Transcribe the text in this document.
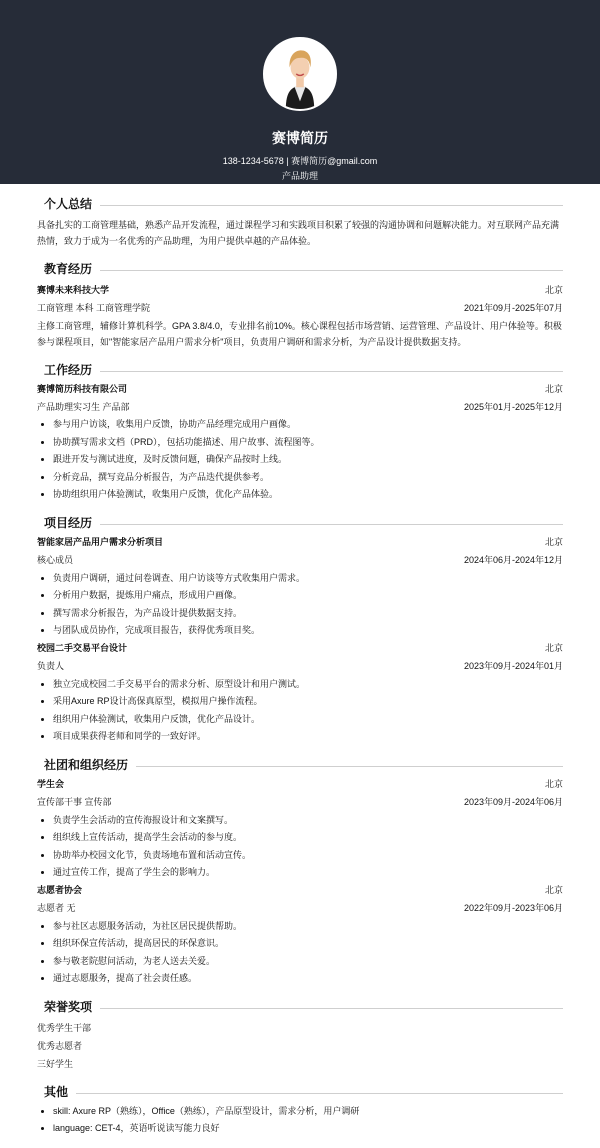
赛博简历
138-1234-5678 | 赛博简历@gmail.com
产品助理
个人总结
具备扎实的工商管理基础，熟悉产品开发流程，通过课程学习和实践项目积累了较强的沟通协调和问题解决能力。对互联网产品充满热情，致力于成为一名优秀的产品助理，为用户提供卓越的产品体验。
教育经历
赛博未来科技大学	北京
工商管理 本科 工商管理学院	2021年09月-2025年07月
主修工商管理，辅修计算机科学。GPA 3.8/4.0，专业排名前10%。核心课程包括市场营销、运营管理、产品设计、用户体验等。积极参与课程项目，如"智能家居产品用户需求分析"项目，负责用户调研和需求分析，为产品设计提供数据支持。
工作经历
赛博简历科技有限公司	北京
产品助理实习生 产品部	2025年01月-2025年12月
• 参与用户访谈，收集用户反馈，协助产品经理完成用户画像。
• 协助撰写需求文档（PRD），包括功能描述、用户故事、流程图等。
• 跟进开发与测试进度，及时反馈问题，确保产品按时上线。
• 分析竞品，撰写竞品分析报告，为产品迭代提供参考。
• 协助组织用户体验测试，收集用户反馈，优化产品体验。
项目经历
智能家居产品用户需求分析项目	北京
核心成员	2024年06月-2024年12月
• 负责用户调研，通过问卷调查、用户访谈等方式收集用户需求。
• 分析用户数据，提炼用户痛点，形成用户画像。
• 撰写需求分析报告，为产品设计提供数据支持。
• 与团队成员协作，完成项目报告，获得优秀项目奖。
校园二手交易平台设计	北京
负责人	2023年09月-2024年01月
• 独立完成校园二手交易平台的需求分析、原型设计和用户测试。
• 采用Axure RP设计高保真原型，模拟用户操作流程。
• 组织用户体验测试，收集用户反馈，优化产品设计。
• 项目成果获得老师和同学的一致好评。
社团和组织经历
学生会	北京
宣传部干事 宣传部	2023年09月-2024年06月
• 负责学生会活动的宣传海报设计和文案撰写。
• 组织线上宣传活动，提高学生会活动的参与度。
• 协助举办校园文化节，负责场地布置和活动宣传。
• 通过宣传工作，提高了学生会的影响力。
志愿者协会	北京
志愿者 无	2022年09月-2023年06月
• 参与社区志愿服务活动，为社区居民提供帮助。
• 组织环保宣传活动，提高居民的环保意识。
• 参与敬老院慰问活动，为老人送去关爱。
• 通过志愿服务，提高了社会责任感。
荣誉奖项
优秀学生干部
优秀志愿者
三好学生
其他
• skill: Axure RP（熟练），Office（熟练），产品原型设计，需求分析，用户调研
• language: CET-4，英语听说读写能力良好
